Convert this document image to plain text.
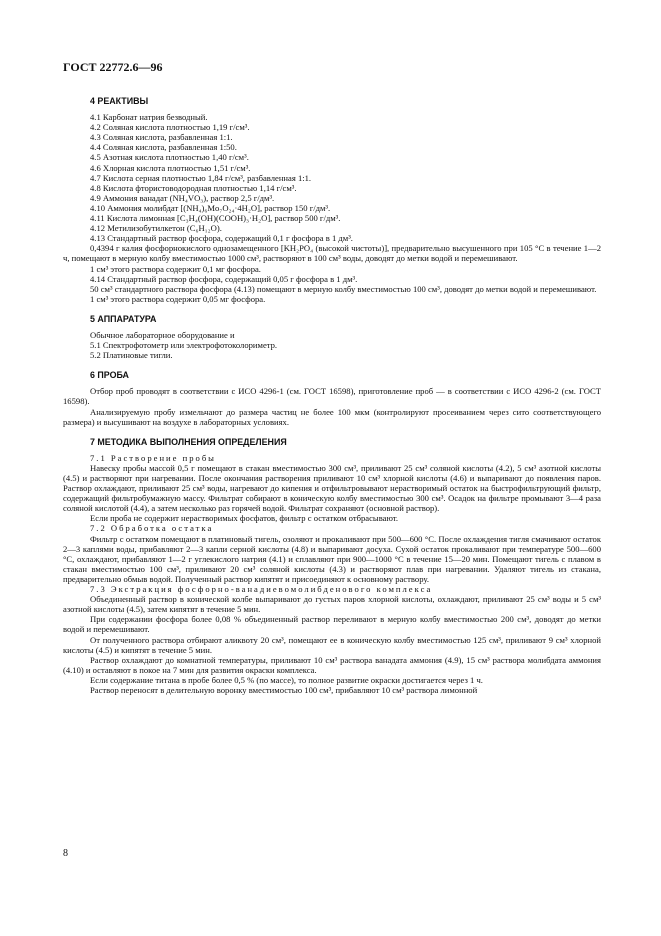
ГОСТ 22772.6—96
4 РЕАКТИВЫ
4.1 Карбонат натрия безводный.
4.2 Соляная кислота плотностью 1,19 г/см³.
4.3 Соляная кислота, разбавленная 1:1.
4.4 Соляная кислота, разбавленная 1:50.
4.5 Азотная кислота плотностью 1,40 г/см³.
4.6 Хлорная кислота плотностью 1,51 г/см³.
4.7 Кислота серная плотностью 1,84 г/см³, разбавленная 1:1.
4.8 Кислота фтористоводородная плотностью 1,14 г/см³.
4.9 Аммония ванадат (NH₄VO₃), раствор 2,5 г/дм³.
4.10 Аммония молибдат [(NH₄)₆Mo₇O₂₄·4H₂O], раствор 150 г/дм³.
4.11 Кислота лимонная [C₃H₄(OH)(COOH)₃·H₂O], раствор 500 г/дм³.
4.12 Метилизобутилкетон (C₆H₁₂O).
4.13 Стандартный раствор фосфора, содержащий 0,1 г фосфора в 1 дм³.
0,4394 г калия фосфорнокислого однозамещенного [KH₂PO₄ (высокой чистоты)], предварительно высушенного при 105 °С в течение 1—2 ч, помещают в мерную колбу вместимостью 1000 см³, растворяют в 100 см³ воды, доводят до метки водой и перемешивают.
1 см³ этого раствора содержит 0,1 мг фосфора.
4.14 Стандартный раствор фосфора, содержащий 0,05 г фосфора в 1 дм³.
50 см³ стандартного раствора фосфора (4.13) помещают в мерную колбу вместимостью 100 см³, доводят до метки водой и перемешивают.
1 см³ этого раствора содержит 0,05 мг фосфора.
5 АППАРАТУРА
Обычное лабораторное оборудование и
5.1 Спектрофотометр или электрофотоколориметр.
5.2 Платиновые тигли.
6 ПРОБА
Отбор проб проводят в соответствии с ИСО 4296-1 (см. ГОСТ 16598), приготовление проб — в соответствии с ИСО 4296-2 (см. ГОСТ 16598).
Анализируемую пробу измельчают до размера частиц не более 100 мкм (контролируют просеиванием через сито соответствующего размера) и высушивают на воздухе в лабораторных условиях.
7 МЕТОДИКА ВЫПОЛНЕНИЯ ОПРЕДЕЛЕНИЯ
7.1 Растворение пробы
Навеску пробы массой 0,5 г помещают в стакан вместимостью 300 см³, приливают 25 см³ соляной кислоты (4.2), 5 см³ азотной кислоты (4.5) и растворяют при нагревании. После окончания растворения приливают 10 см³ хлорной кислоты (4.6) и выпаривают до появления паров. Раствор охлаждают, приливают 25 см³ воды, нагревают до кипения и отфильтровывают нерастворимый остаток на быстрофильтрующий фильтр, содержащий фильтробумажную массу. Фильтрат собирают в коническую колбу вместимостью 300 см³. Осадок на фильтре промывают 3—4 раза соляной кислотой (4.4), а затем несколько раз горячей водой. Фильтрат сохраняют (основной раствор).
Если проба не содержит нерастворимых фосфатов, фильтр с остатком отбрасывают.
7.2 Обработка остатка
Фильтр с остатком помещают в платиновый тигель, озоляют и прокаливают при 500—600 °С. После охлаждения тигля смачивают остаток 2—3 каплями воды, прибавляют 2—3 капли серной кислоты (4.8) и выпаривают досуха. Сухой остаток прокаливают при температуре 500—600 °С, охлаждают, прибавляют 1—2 г углекислого натрия (4.1) и сплавляют при 900—1000 °С в течение 15—20 мин. Помещают тигель с плавом в стакан вместимостью 100 см³, приливают 20 см³ соляной кислоты (4.3) и растворяют плав при нагревании. Удаляют тигель из стакана, предварительно обмыв водой. Полученный раствор кипятят и присоединяют к основному раствору.
7.3 Экстракция фосфорно-ванадиевомолибденового комплекса
Объединенный раствор в конической колбе выпаривают до густых паров хлорной кислоты, охлаждают, приливают 25 см³ воды и 5 см³ азотной кислоты (4.5), затем кипятят в течение 5 мин.
При содержании фосфора более 0,08 % объединенный раствор переливают в мерную колбу вместимостью 200 см³, доводят до метки водой и перемешивают.
От полученного раствора отбирают аликвоту 20 см³, помещают ее в коническую колбу вместимостью 125 см³, приливают 9 см³ хлорной кислоты (4.5) и кипятят в течение 5 мин.
Раствор охлаждают до комнатной температуры, приливают 10 см³ раствора ванадата аммония (4.9), 15 см³ раствора молибдата аммония (4.10) и оставляют в покое на 7 мин для развития окраски комплекса.
Если содержание титана в пробе более 0,5 % (по массе), то полное развитие окраски достигается через 1 ч.
Раствор переносят в делительную воронку вместимостью 100 см³, прибавляют 10 см³ раствора лимонной
8
